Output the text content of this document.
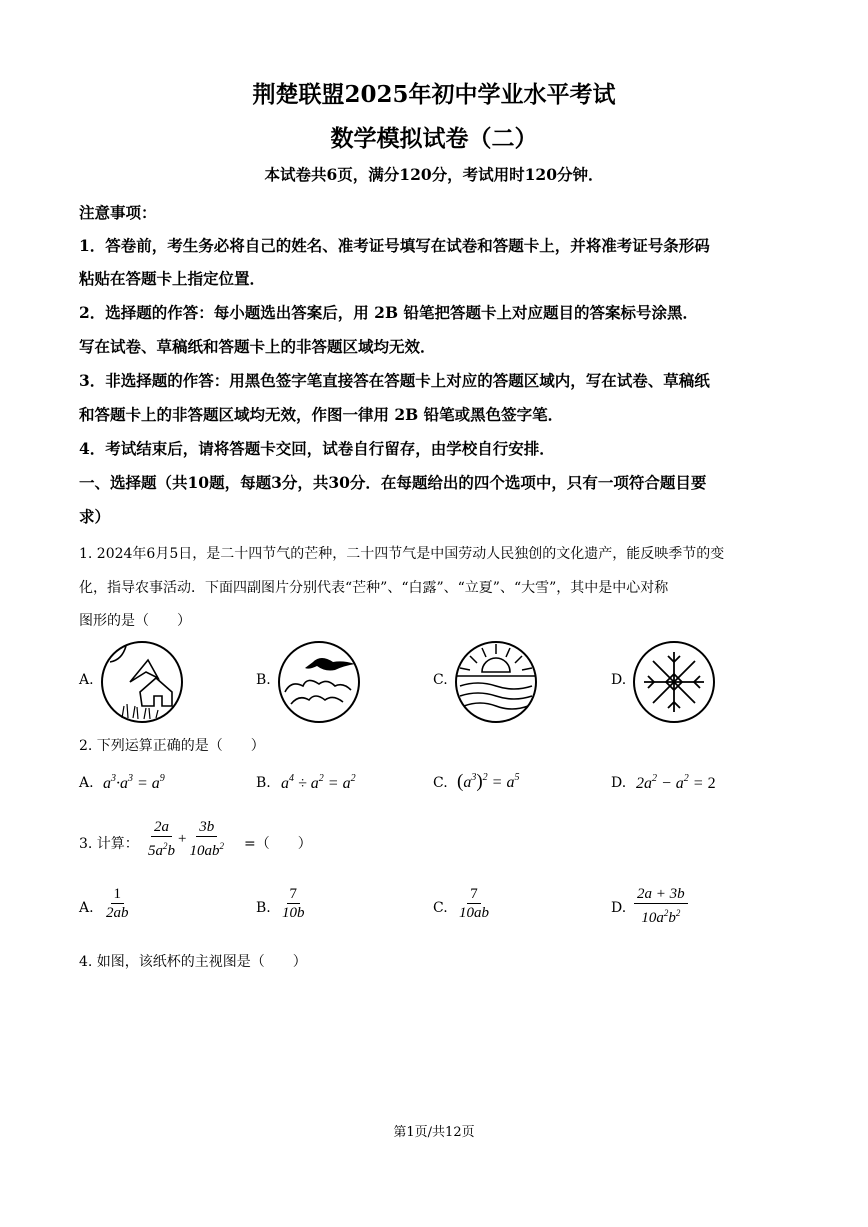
荆楚联盟2025年初中学业水平考试
数学模拟试卷（二）
本试卷共6页，满分120分，考试用时120分钟．
注意事项：
1．答卷前，考生务必将自己的姓名、准考证号填写在试卷和答题卡上，并将准考证号条形码
粘贴在答题卡上指定位置．
2．选择题的作答：每小题选出答案后，用 2B 铅笔把答题卡上对应题目的答案标号涂黑．
写在试卷、草稿纸和答题卡上的非答题区域均无效．
3．非选择题的作答：用黑色签字笔直接答在答题卡上对应的答题区域内，写在试卷、草稿纸
和答题卡上的非答题区域均无效，作图一律用 2B 铅笔或黑色签字笔．
4．考试结束后，请将答题卡交回，试卷自行留存，由学校自行安排．
一、选择题（共10题，每题3分，共30分．在每题给出的四个选项中，只有一项符合题目要
求）
1. 2024年6月5日，是二十四节气的芒种，二十四节气是中国劳动人民独创的文化遗产，能反映季节的变
化，指导农事活动．下面四副图片分别代表“芒种”、“白露”、“立夏”、“大雪”，其中是中心对称
图形的是（　　）
A.	B.	C.	D.
2. 下列运算正确的是（　　）
A. $a^3\cdot a^3 = a^9$	B. $a^4 \div a^2 = a^2$	C. $(a^3)^2 = a^5$	D. $2a^2 - a^2 = 2$
3. 计算： $\frac{2a}{5a^2b} + \frac{3b}{10ab^2}$ =（　　）
A. $\frac{1}{2ab}$	B. $\frac{7}{10b}$	C. $\frac{7}{10ab}$	D. $\frac{2a + 3b}{10a^2b^2}$
4. 如图，该纸杯的主视图是（　　）
第1页/共12页
